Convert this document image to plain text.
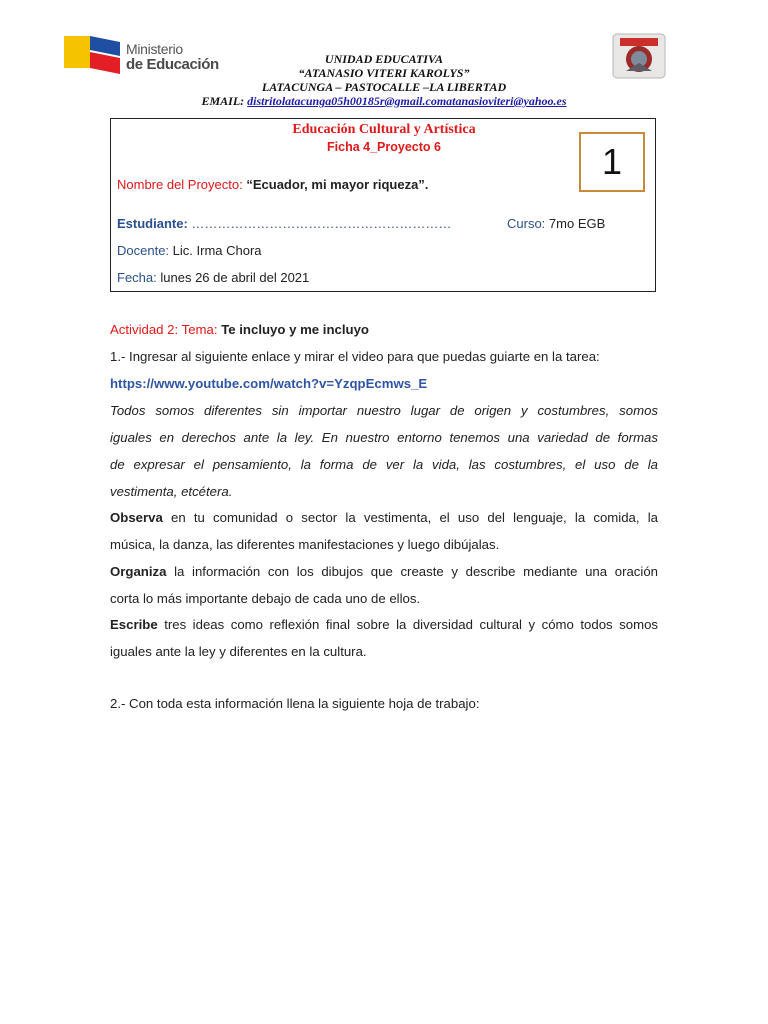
Ministerio
de Educación	UNIDAD EDUCATIVA
“ATANASIO VITERI KAROLYS”
LATACUNGA – PASTOCALLE –LA LIBERTAD
EMAIL: distritolatacunga05h00185r@gmail.comatanasioviteri@yahoo.es
Educación Cultural y Artística
Ficha 4_Proyecto 6	1
Nombre del Proyecto: “Ecuador, mi mayor riqueza”.
Estudiante: ……………………………………………………	Curso: 7mo EGB
Docente: Lic. Irma Chora
Fecha: lunes 26 de abril del 2021
Actividad 2: Tema: Te incluyo y me incluyo
1.- Ingresar al siguiente enlace y mirar el video para que puedas guiarte en la tarea:
https://www.youtube.com/watch?v=YzqpEcmws_E
Todos somos diferentes sin importar nuestro lugar de origen y costumbres, somos
iguales en derechos ante la ley. En nuestro entorno tenemos una variedad de formas
de expresar el pensamiento, la forma de ver la vida, las costumbres, el uso de la
vestimenta, etcétera.
Observa en tu comunidad o sector la vestimenta, el uso del lenguaje, la comida, la
música, la danza, las diferentes manifestaciones y luego dibújalas.
Organiza la información con los dibujos que creaste y describe mediante una oración
corta lo más importante debajo de cada uno de ellos.
Escribe tres ideas como reflexión final sobre la diversidad cultural y cómo todos somos
iguales ante la ley y diferentes en la cultura.
2.- Con toda esta información llena la siguiente hoja de trabajo:
